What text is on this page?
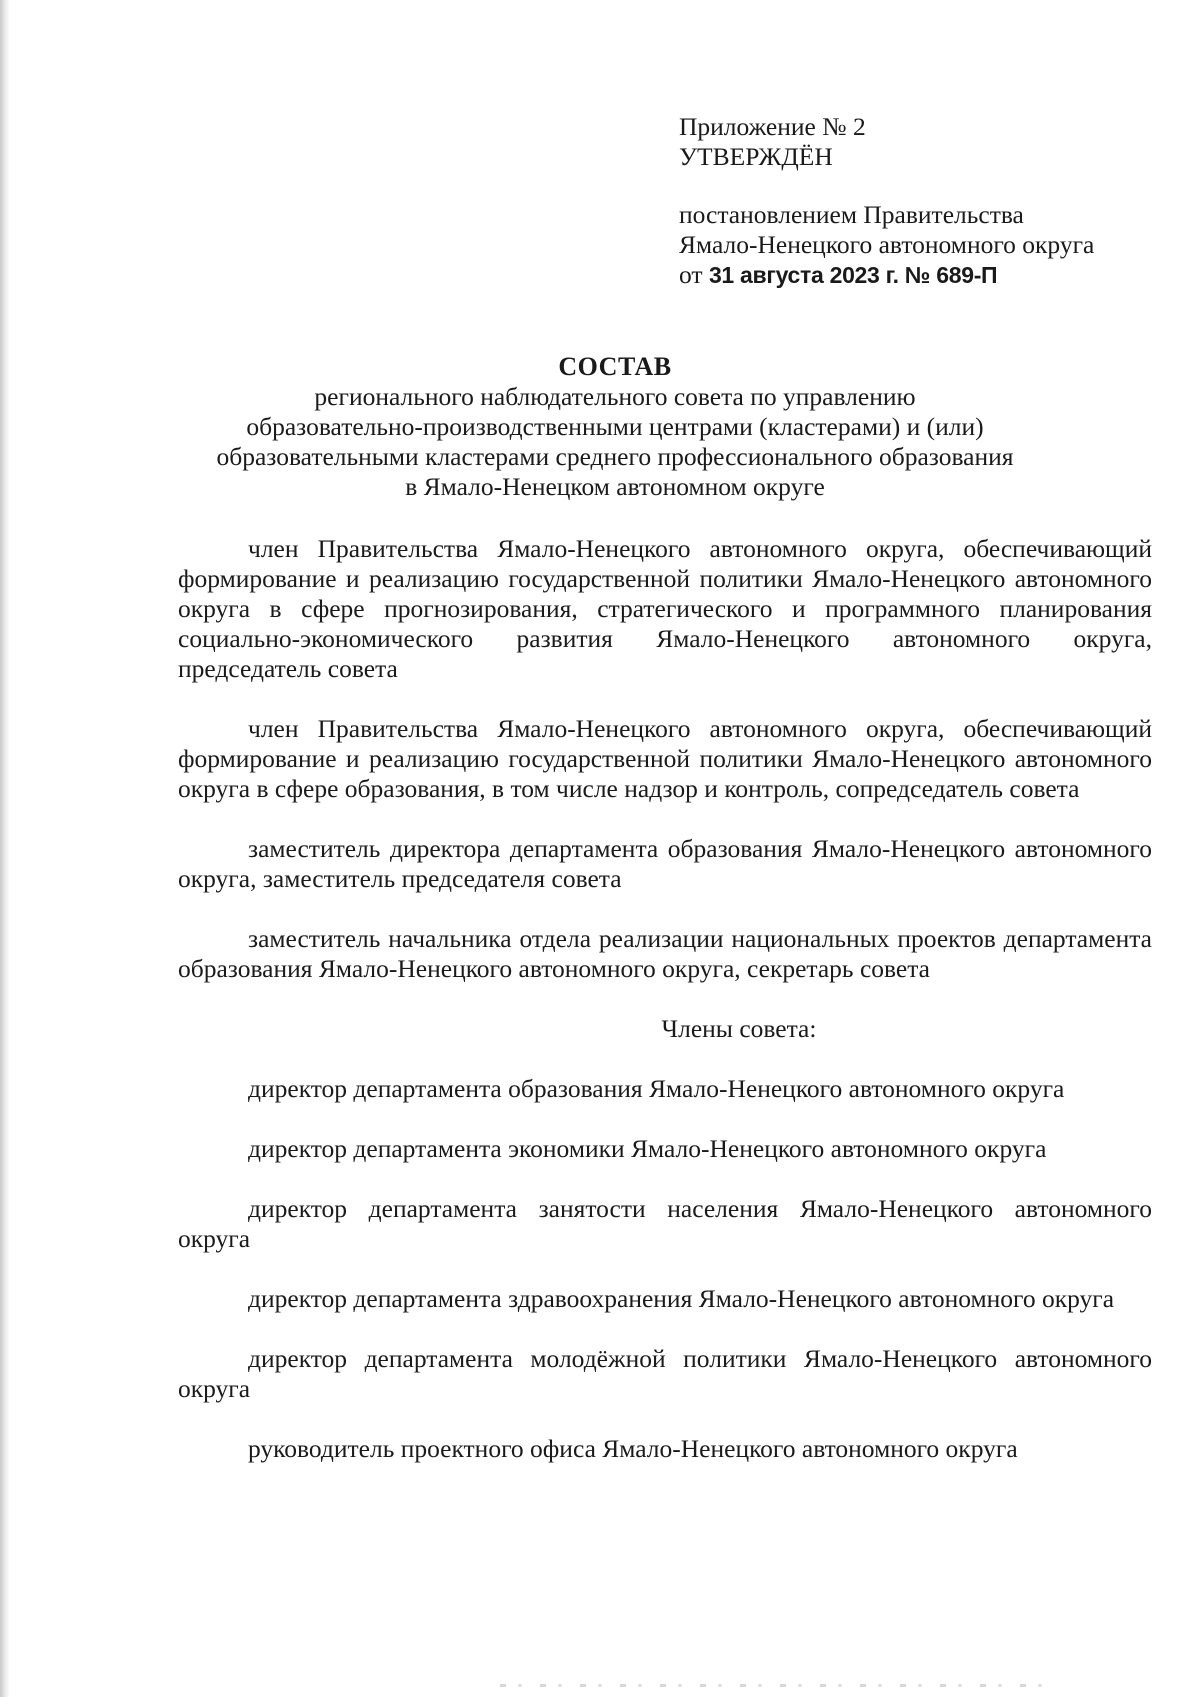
Приложение № 2

УТВЕРЖДЁН

постановлением Правительства

Ямало-Ненецкого автономного округа

от 31 августа 2023 г. № 689-П

СОСТАВ

регионального наблюдательного совета по управлению

образовательно-производственными центрами (кластерами) и (или)

образовательными кластерами среднего профессионального образования

в Ямало-Ненецком автономном округе

член Правительства Ямало-Ненецкого автономного округа, обеспечивающий формирование и реализацию государственной политики Ямало-Ненецкого автономного округа в сфере прогнозирования, стратегического и программного планирования социально-экономического развития Ямало-Ненецкого автономного округа, председатель совета

член Правительства Ямало-Ненецкого автономного округа, обеспечивающий формирование и реализацию государственной политики Ямало-Ненецкого автономного округа в сфере образования, в том числе надзор и контроль, сопредседатель совета

заместитель директора департамента образования Ямало-Ненецкого автономного округа, заместитель председателя совета

заместитель начальника отдела реализации национальных проектов департамента образования Ямало-Ненецкого автономного округа, секретарь совета

Члены совета:

директор департамента образования Ямало-Ненецкого автономного округа

директор департамента экономики Ямало-Ненецкого автономного округа

директор департамента занятости населения Ямало-Ненецкого автономного округа

директор департамента здравоохранения Ямало-Ненецкого автономного округа

директор департамента молодёжной политики Ямало-Ненецкого автономного округа

руководитель проектного офиса Ямало-Ненецкого автономного округа
